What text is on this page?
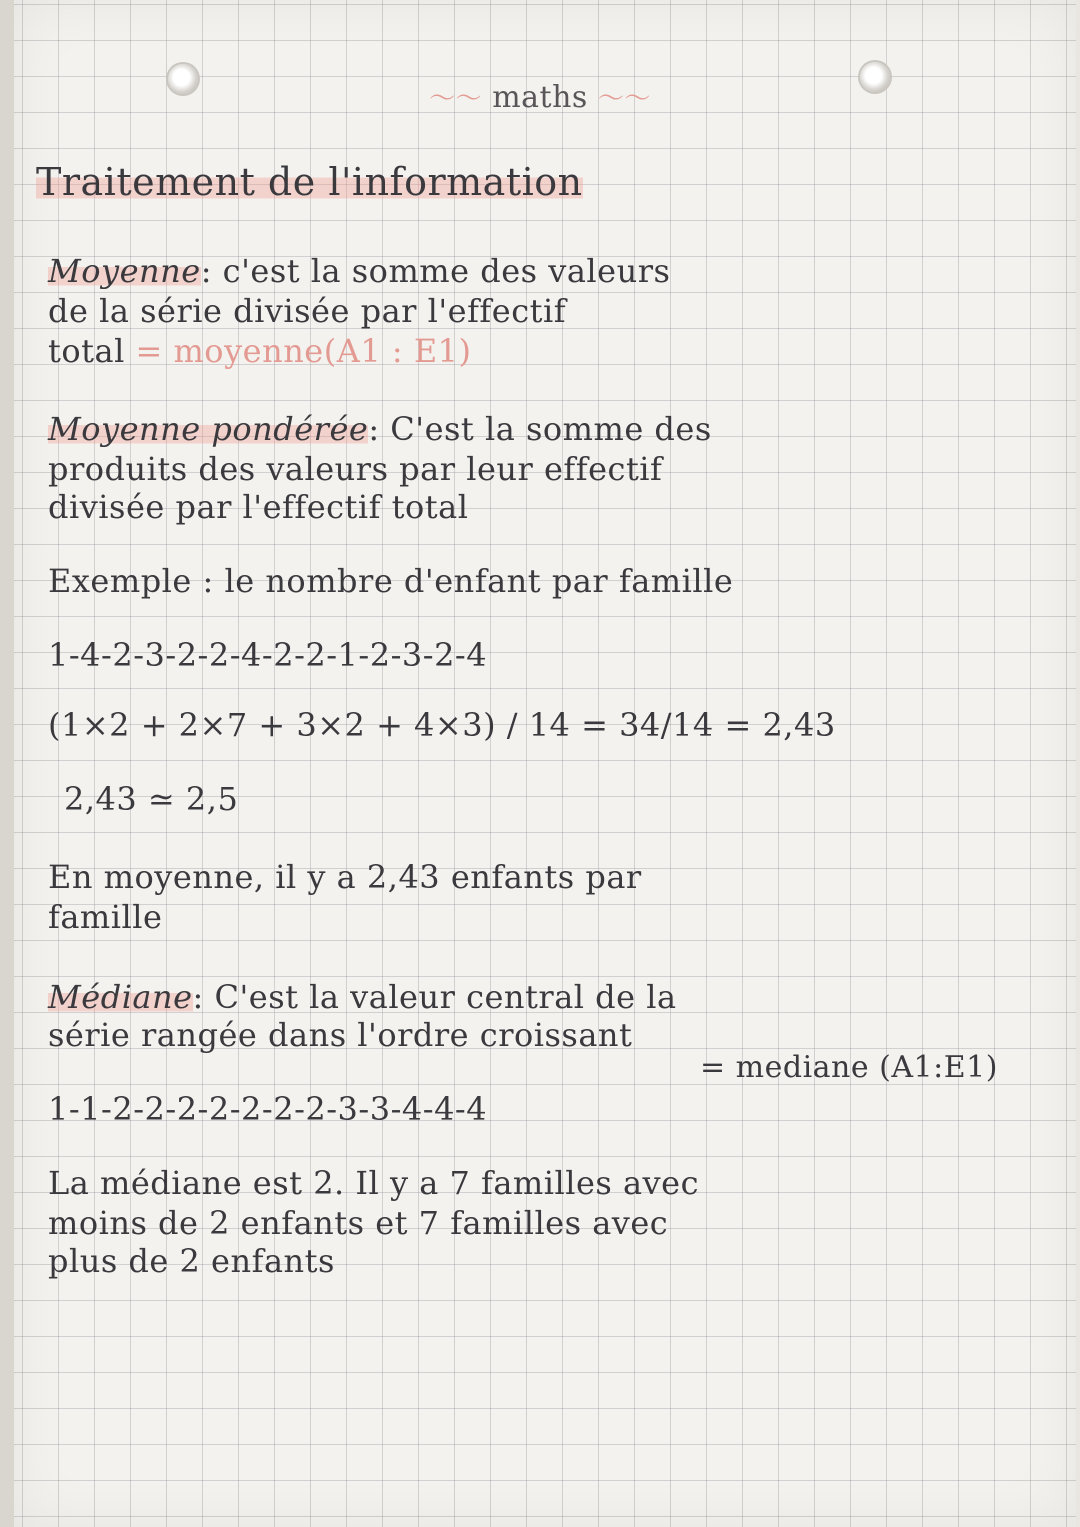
〜〜 maths 〜〜
Traitement de l'information
Moyenne: c'est la somme des valeurs
de la série divisée par l'effectif
total = moyenne(A1 : E1)
Moyenne pondérée: C'est la somme des
produits des valeurs par leur effectif
divisée par l'effectif total
Exemple : le nombre d'enfant par famille
1-4-2-3-2-2-4-2-2-1-2-3-2-4
(1×2 + 2×7 + 3×2 + 4×3) / 14 = 34/14 = 2,43
2,43 ≃ 2,5
En moyenne, il y a 2,43 enfants par
famille
Médiane: C'est la valeur central de la
série rangée dans l'ordre croissant
= mediane (A1:E1)
1-1-2-2-2-2-2-2-2-3-3-4-4-4
La médiane est 2. Il y a 7 familles avec
moins de 2 enfants et 7 familles avec
plus de 2 enfants
